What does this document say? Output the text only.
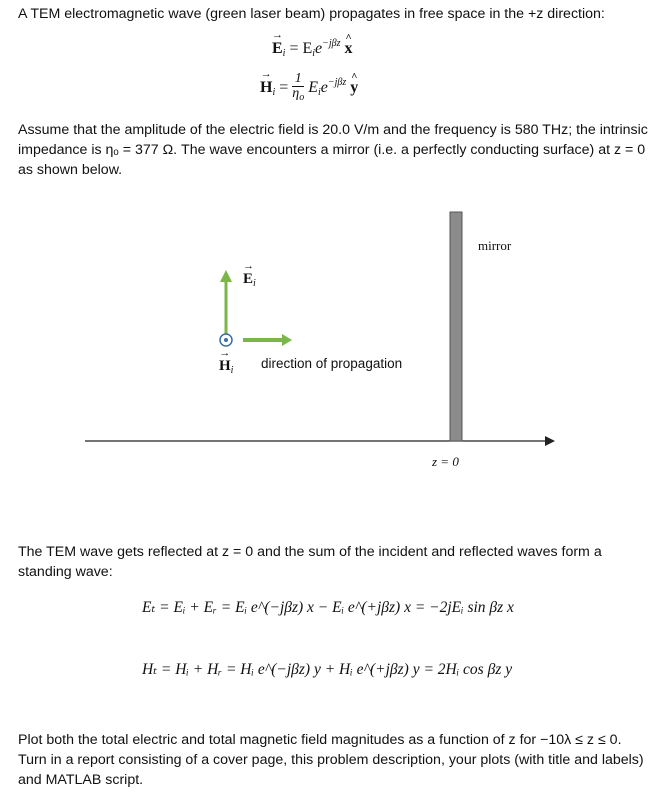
A TEM electromagnetic wave (green laser beam) propagates in free space in the +z direction:

→ $E_i = E_ie^{-j\beta z}$ ^ x
→ $H_i = \frac{1}{\eta_o} E_ie^{-j\beta z}$ ^ y

Assume that the amplitude of the electric field is 20.0 V/m and the frequency is 580 THz; the intrinsic impedance is ηₒ = 377 Ω. The wave encounters a mirror (i.e. a perfectly conducting surface) at z = 0 as shown below.

mirror
→ $E_i$
→ $H_i$ direction of propagation
z = 0

The TEM wave gets reflected at z = 0 and the sum of the incident and reflected waves form a standing wave:

Eₜ = Eᵢ + Eᵣ = Eᵢ e^(−jβz) x − Eᵢ e^(+jβz) x = −2jEᵢ sin βz x
Hₜ = Hᵢ + Hᵣ = Hᵢ e^(−jβz) y + Hᵢ e^(+jβz) y = 2Hᵢ cos βz y

Plot both the total electric and total magnetic field magnitudes as a function of z for −10λ ≤ z ≤ 0. Turn in a report consisting of a cover page, this problem description, your plots (with title and labels) and MATLAB script.
